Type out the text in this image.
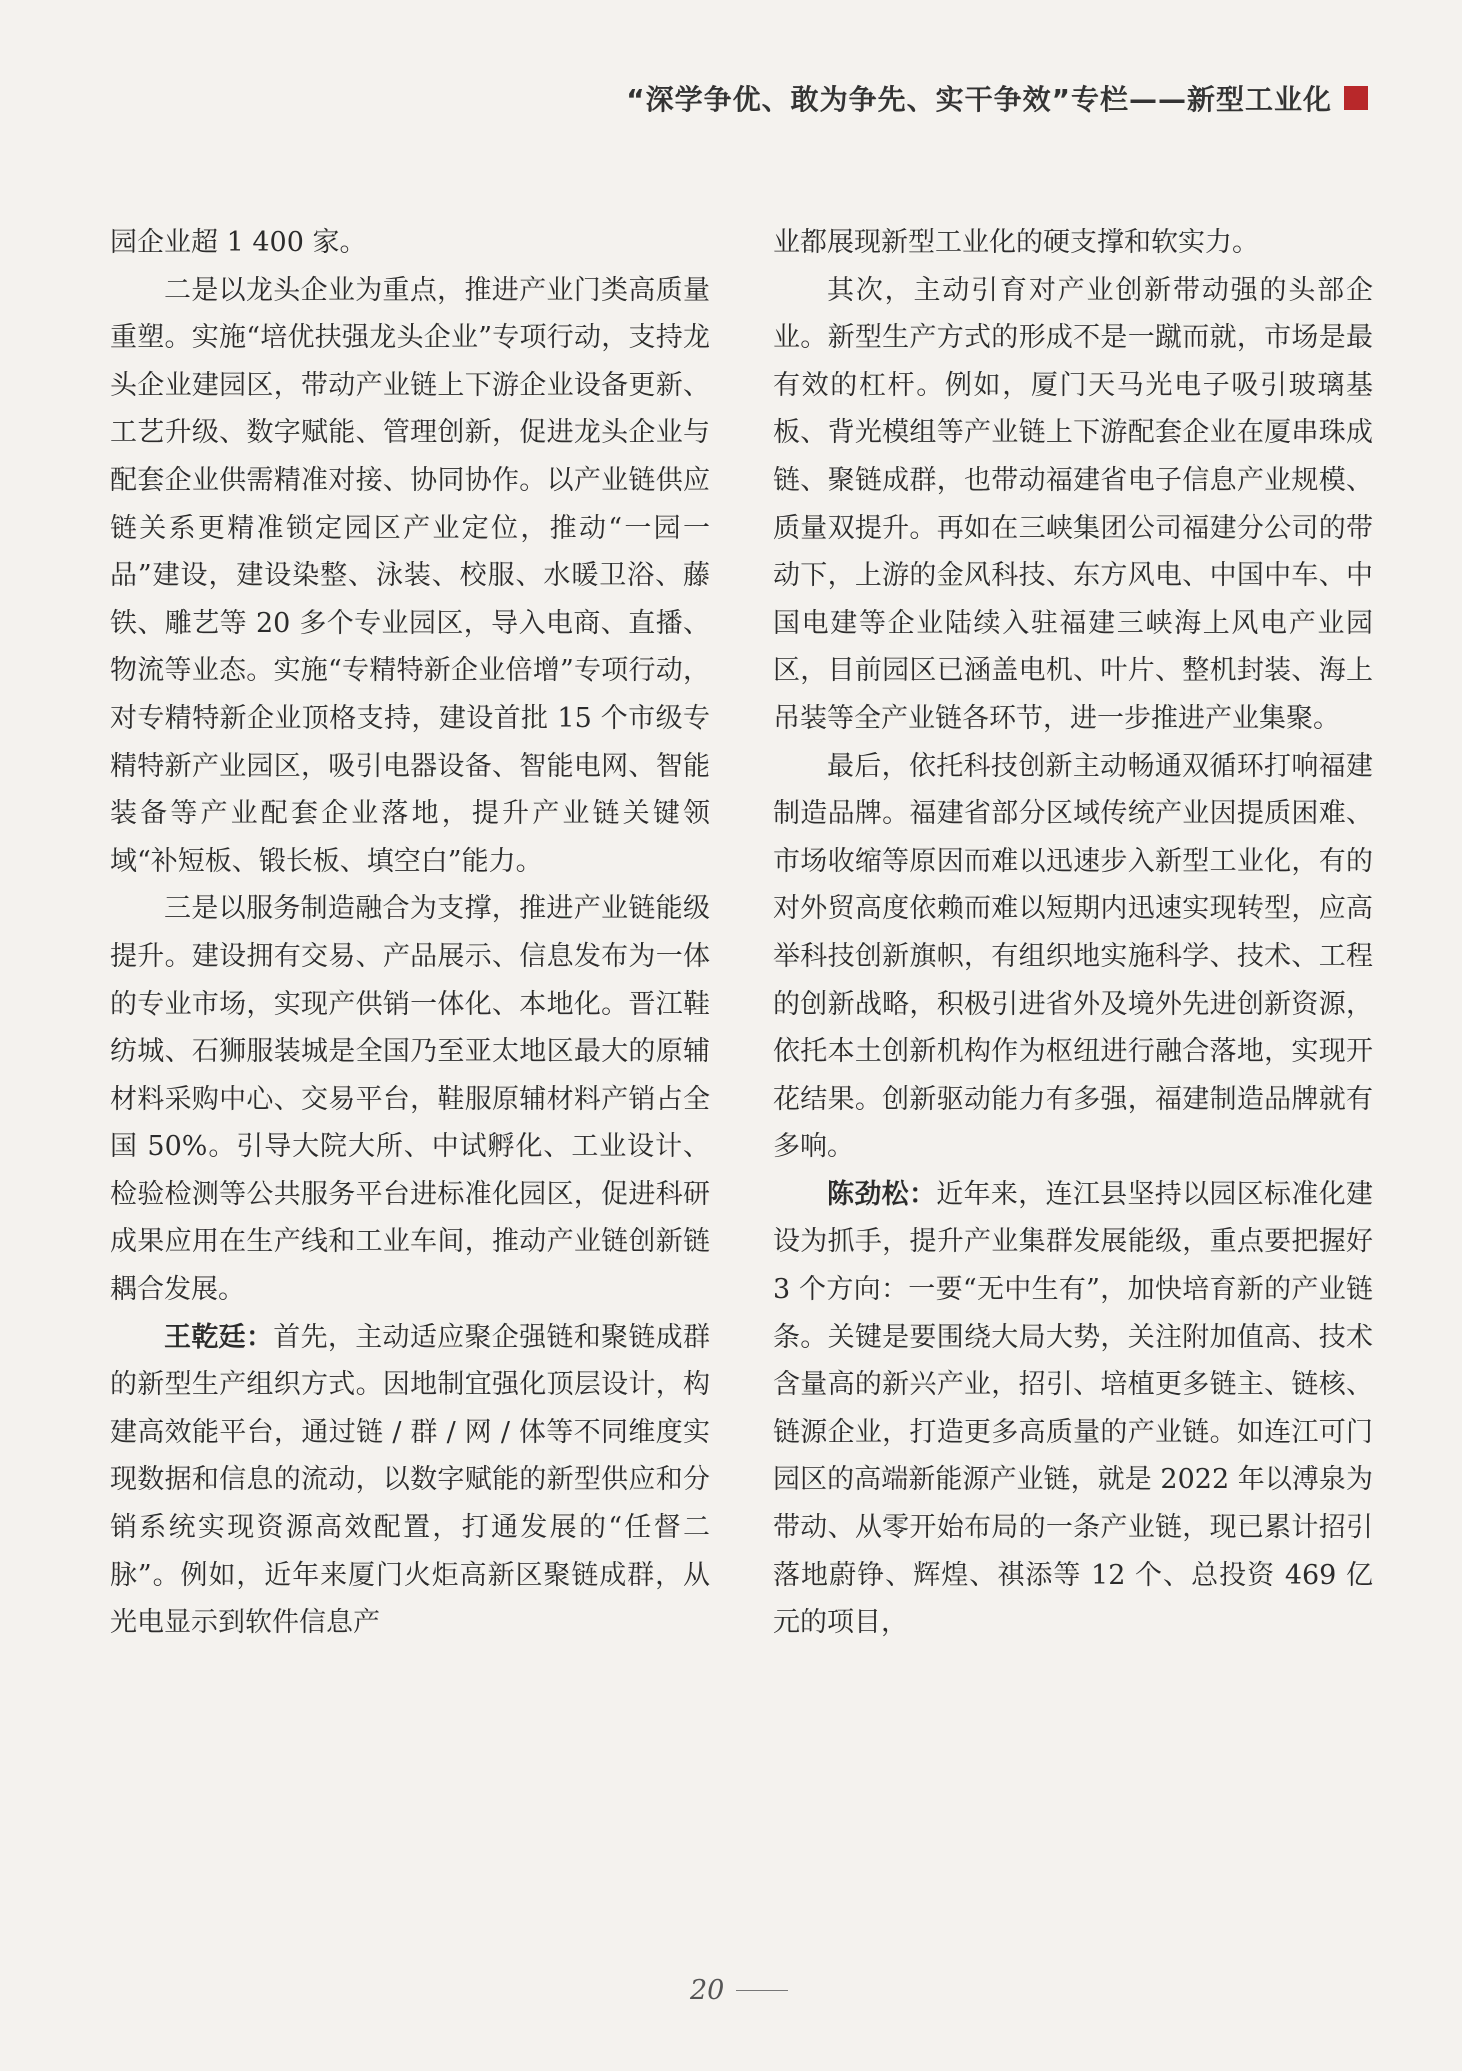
“深学争优、敢为争先、实干争效”专栏——新型工业化

园企业超 1 400 家。

二是以龙头企业为重点，推进产业门类高质量重塑。实施“培优扶强龙头企业”专项行动，支持龙头企业建园区，带动产业链上下游企业设备更新、工艺升级、数字赋能、管理创新，促进龙头企业与配套企业供需精准对接、协同协作。以产业链供应链关系更精准锁定园区产业定位，推动“一园一品”建设，建设染整、泳装、校服、水暖卫浴、藤铁、雕艺等 20 多个专业园区，导入电商、直播、物流等业态。实施“专精特新企业倍增”专项行动，对专精特新企业顶格支持，建设首批 15 个市级专精特新产业园区，吸引电器设备、智能电网、智能装备等产业配套企业落地，提升产业链关键领域“补短板、锻长板、填空白”能力。

三是以服务制造融合为支撑，推进产业链能级提升。建设拥有交易、产品展示、信息发布为一体的专业市场，实现产供销一体化、本地化。晋江鞋纺城、石狮服装城是全国乃至亚太地区最大的原辅材料采购中心、交易平台，鞋服原辅材料产销占全国 50%。引导大院大所、中试孵化、工业设计、检验检测等公共服务平台进标准化园区，促进科研成果应用在生产线和工业车间，推动产业链创新链耦合发展。

王乾廷：首先，主动适应聚企强链和聚链成群的新型生产组织方式。因地制宜强化顶层设计，构建高效能平台，通过链 / 群 / 网 / 体等不同维度实现数据和信息的流动，以数字赋能的新型供应和分销系统实现资源高效配置，打通发展的“任督二脉”。例如，近年来厦门火炬高新区聚链成群，从光电显示到软件信息产

业都展现新型工业化的硬支撑和软实力。

其次，主动引育对产业创新带动强的头部企业。新型生产方式的形成不是一蹴而就，市场是最有效的杠杆。例如，厦门天马光电子吸引玻璃基板、背光模组等产业链上下游配套企业在厦串珠成链、聚链成群，也带动福建省电子信息产业规模、质量双提升。再如在三峡集团公司福建分公司的带动下，上游的金风科技、东方风电、中国中车、中国电建等企业陆续入驻福建三峡海上风电产业园区，目前园区已涵盖电机、叶片、整机封装、海上吊装等全产业链各环节，进一步推进产业集聚。

最后，依托科技创新主动畅通双循环打响福建制造品牌。福建省部分区域传统产业因提质困难、市场收缩等原因而难以迅速步入新型工业化，有的对外贸高度依赖而难以短期内迅速实现转型，应高举科技创新旗帜，有组织地实施科学、技术、工程的创新战略，积极引进省外及境外先进创新资源，依托本土创新机构作为枢纽进行融合落地，实现开花结果。创新驱动能力有多强，福建制造品牌就有多响。

陈劲松：近年来，连江县坚持以园区标准化建设为抓手，提升产业集群发展能级，重点要把握好 3 个方向：一要“无中生有”，加快培育新的产业链条。关键是要围绕大局大势，关注附加值高、技术含量高的新兴产业，招引、培植更多链主、链核、链源企业，打造更多高质量的产业链。如连江可门园区的高端新能源产业链，就是 2022 年以溥泉为带动、从零开始布局的一条产业链，现已累计招引落地蔚铮、辉煌、祺添等 12 个、总投资 469 亿元的项目，

20
